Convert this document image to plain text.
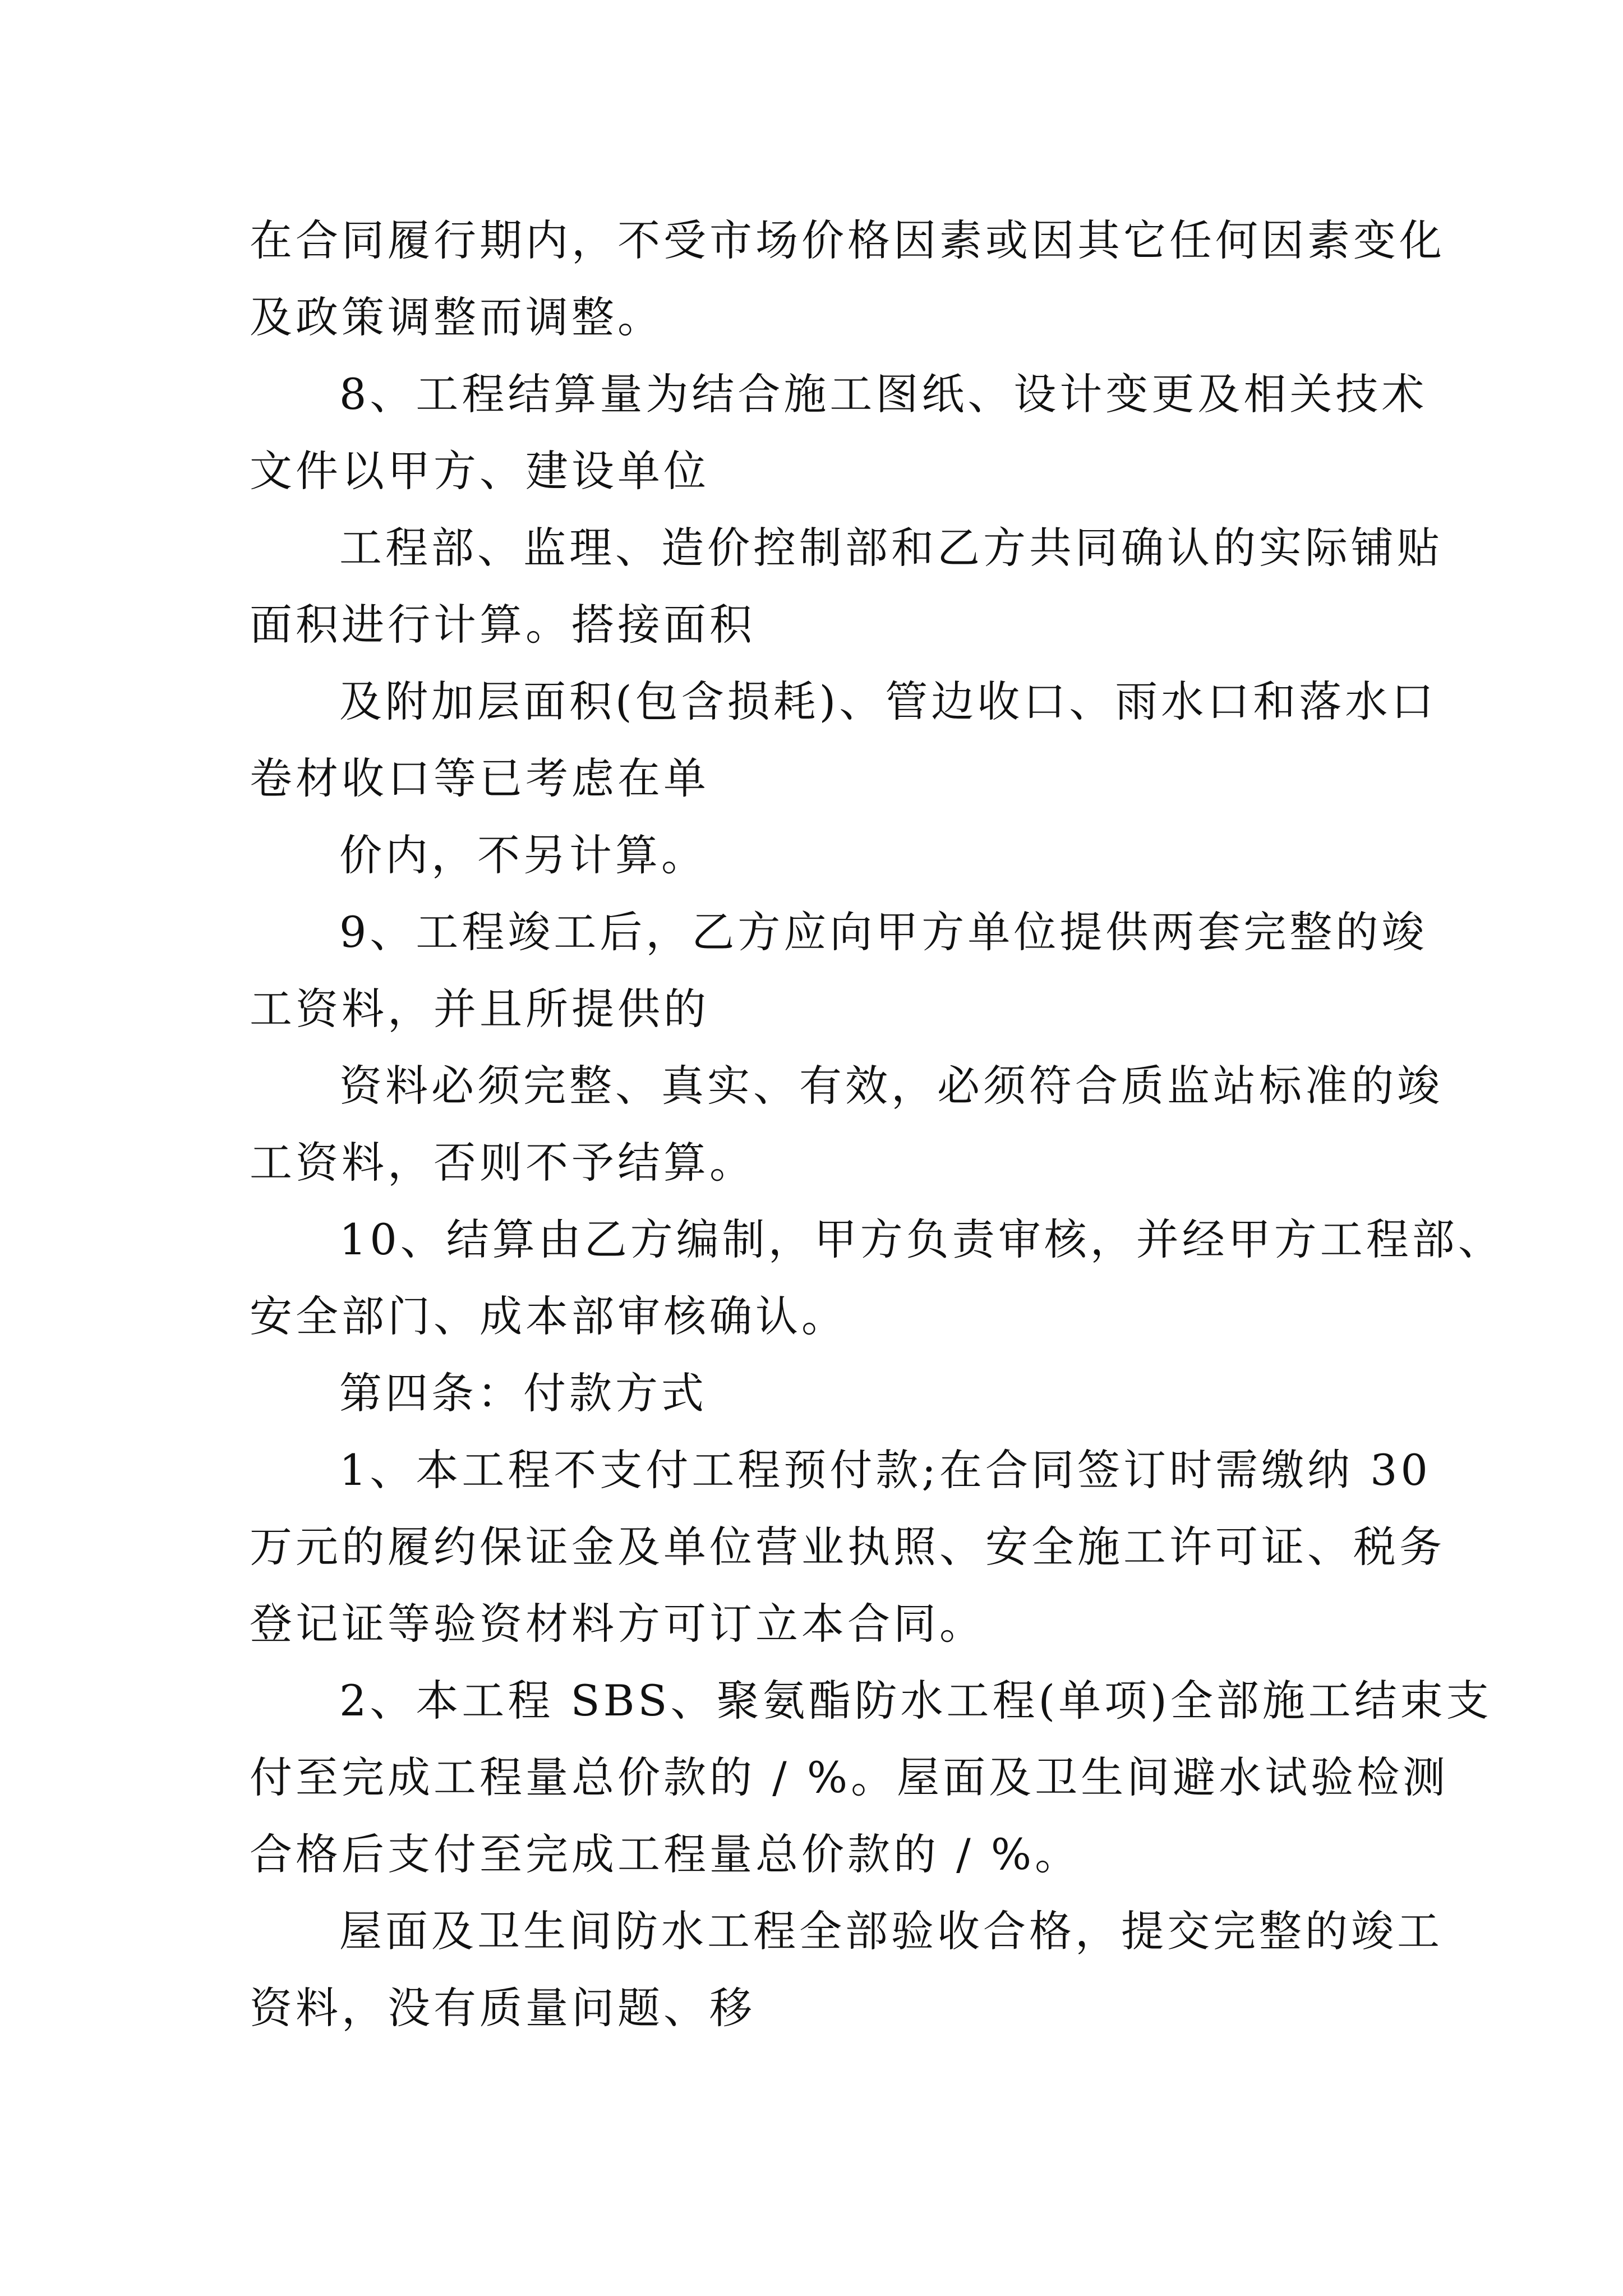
在合同履行期内，不受市场价格因素或因其它任何因素变化
及政策调整而调整。
8、工程结算量为结合施工图纸、设计变更及相关技术
文件以甲方、建设单位
工程部、监理、造价控制部和乙方共同确认的实际铺贴
面积进行计算。搭接面积
及附加层面积(包含损耗)、管边收口、雨水口和落水口
卷材收口等已考虑在单
价内，不另计算。
9、工程竣工后，乙方应向甲方单位提供两套完整的竣
工资料，并且所提供的
资料必须完整、真实、有效，必须符合质监站标准的竣
工资料，否则不予结算。
10、结算由乙方编制，甲方负责审核，并经甲方工程部、
安全部门、成本部审核确认。
第四条：付款方式
1、本工程不支付工程预付款;在合同签订时需缴纳 30
万元的履约保证金及单位营业执照、安全施工许可证、税务
登记证等验资材料方可订立本合同。
2、本工程 SBS、聚氨酯防水工程(单项)全部施工结束支
付至完成工程量总价款的 / %。屋面及卫生间避水试验检测
合格后支付至完成工程量总价款的 / %。
屋面及卫生间防水工程全部验收合格，提交完整的竣工
资料，没有质量问题、移
